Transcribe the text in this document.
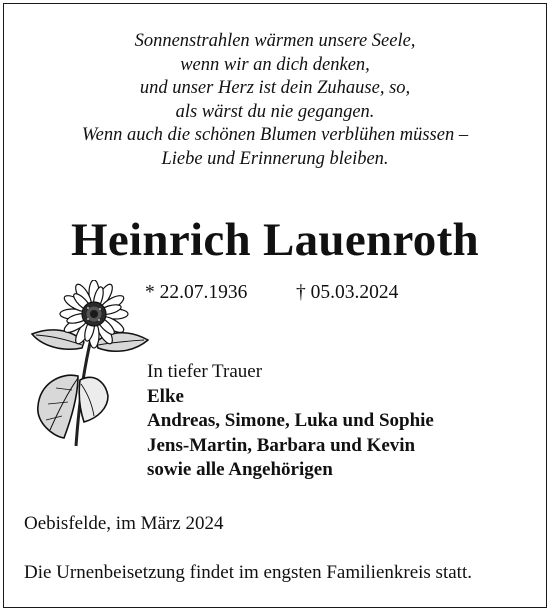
Sonnenstrahlen wärmen unsere Seele,
wenn wir an dich denken,
und unser Herz ist dein Zuhause, so,
als wärst du nie gegangen.
Wenn auch die schönen Blumen verblühen müssen –
Liebe und Erinnerung bleiben.
Heinrich Lauenroth
* 22.07.1936 † 05.03.2024
In tiefer Trauer
Elke
Andreas, Simone, Luka und Sophie
Jens-Martin, Barbara und Kevin
sowie alle Angehörigen
Oebisfelde, im März 2024
Die Urnenbeisetzung findet im engsten Familienkreis statt.
